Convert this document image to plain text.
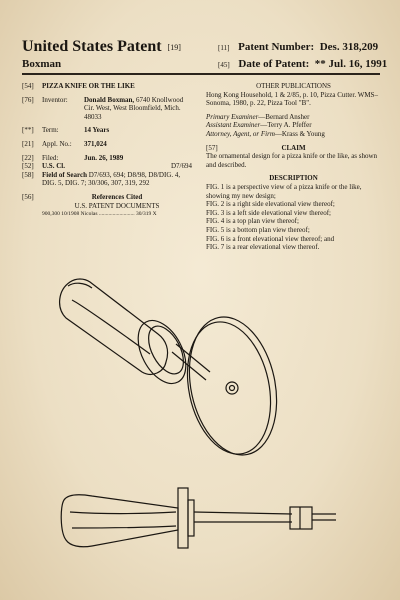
United States Patent [19]	[11] Patent Number: Des. 318,209
Boxman	[45] Date of Patent: ** Jul. 16, 1991
[54]	PIZZA KNIFE OR THE LIKE
[76]	Inventor:	Donald Boxman, 6740 Knollwood Cir. West, West Bloomfield, Mich. 48033
[**]	Term:	14 Years
[21]	Appl. No.:	371,024
[22]	Filed:	Jun. 26, 1989
[52]	U.S. Cl.	D7/694
[58]	Field of Search D7/693, 694; D8/98, D8/DIG. 4, DIG. 5, DIG. 7; 30/306, 307, 319, 292
[56]	References Cited
U.S. PATENT DOCUMENTS
900,300 10/1908 Nicolas .......................... 30/319 X
OTHER PUBLICATIONS
Hong Kong Household, 1 & 2/85, p. 10, Pizza Cutter. WMS–Sonoma, 1980, p. 22, Pizza Tool "B".
Primary Examiner—Bernard Ansher
Assistant Examiner—Terry A. Pfeffer
Attorney, Agent, or Firm—Krass & Young
[57]	CLAIM
The ornamental design for a pizza knife or the like, as shown and described.
DESCRIPTION
FIG. 1 is a perspective view of a pizza knife or the like, showing my new design;
FIG. 2 is a right side elevational view thereof;
FIG. 3 is a left side elevational view thereof;
FIG. 4 is a top plan view thereof;
FIG. 5 is a bottom plan view thereof;
FIG. 6 is a front elevational view thereof; and
FIG. 7 is a rear elevational view thereof.
